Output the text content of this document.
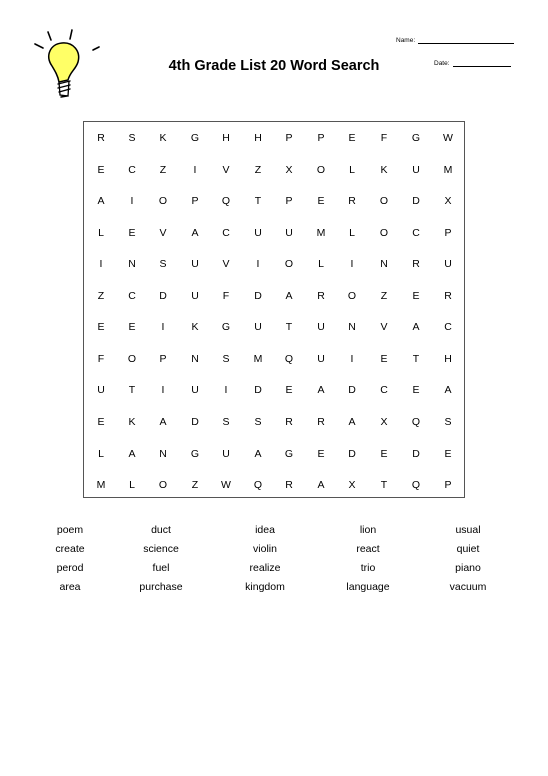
Name:
Date:
4th Grade List 20 Word Search
R	S	K	G	H	H	P	P	E	F	G	W
E	C	Z	I	V	Z	X	O	L	K	U	M
A	I	O	P	Q	T	P	E	R	O	D	X
L	E	V	A	C	U	U	M	L	O	C	P
I	N	S	U	V	I	O	L	I	N	R	U
Z	C	D	U	F	D	A	R	O	Z	E	R
E	E	I	K	G	U	T	U	N	V	A	C
F	O	P	N	S	M	Q	U	I	E	T	H
U	T	I	U	I	D	E	A	D	C	E	A
E	K	A	D	S	S	R	R	A	X	Q	S
L	A	N	G	U	A	G	E	D	E	D	E
M	L	O	Z	W	Q	R	A	X	T	Q	P
poem	duct	idea	lion	usual
create	science	violin	react	quiet
perod	fuel	realize	trio	piano
area	purchase	kingdom	language	vacuum
